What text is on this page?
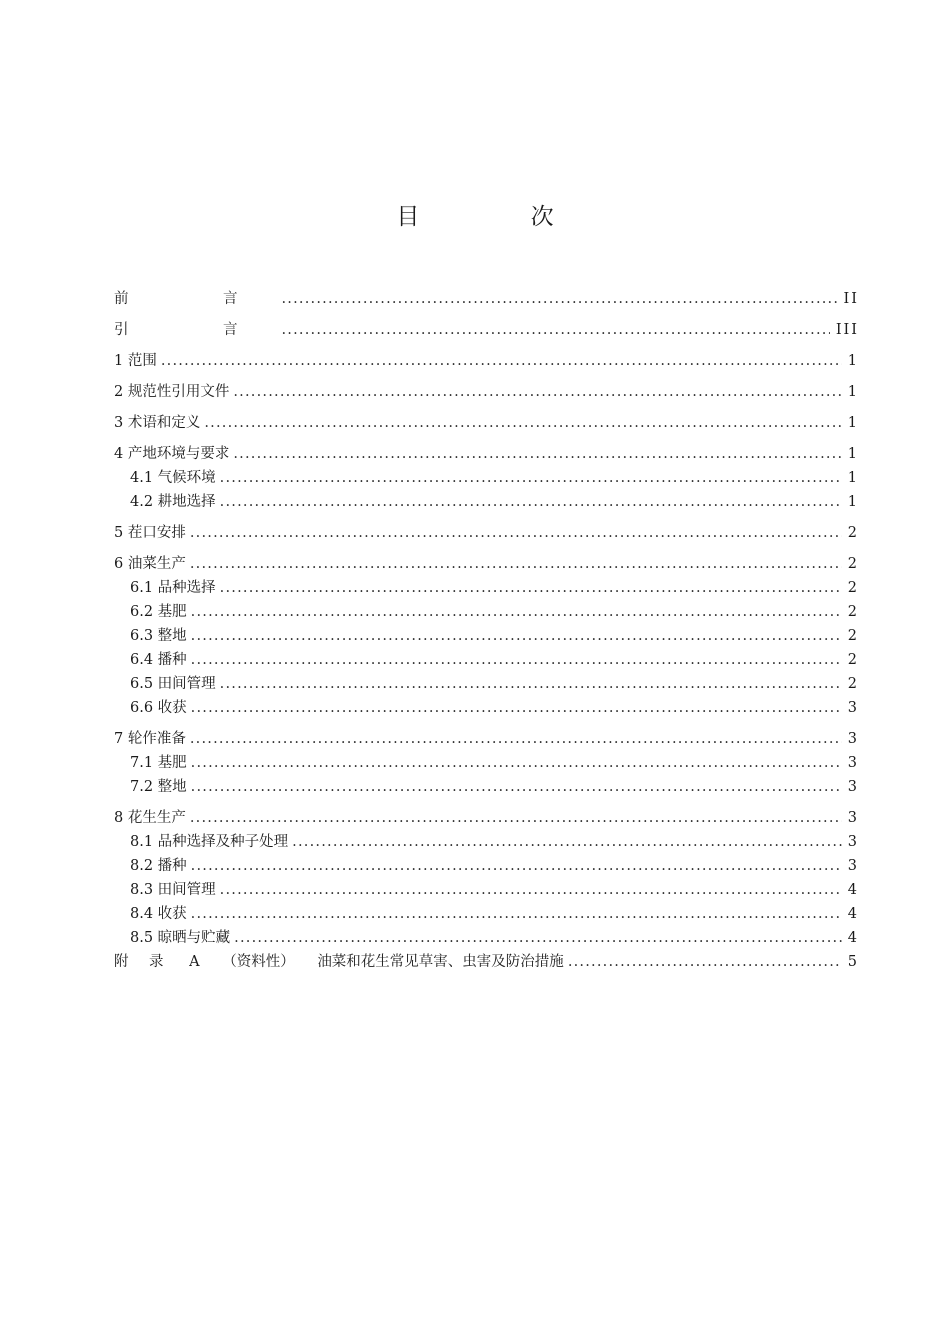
目 次
前　言 .....	II
引　言 .....	III
1 范围 .....	1
2 规范性引用文件 .....	1
3 术语和定义 .....	1
4 产地环境与要求 .....	1
4.1 气候环境 .....	1
4.2 耕地选择 .....	1
5 茬口安排 .....	2
6 油菜生产 .....	2
6.1 品种选择 .....	2
6.2 基肥 .....	2
6.3 整地 .....	2
6.4 播种 .....	2
6.5 田间管理 .....	2
6.6 收获 .....	3
7 轮作准备 .....	3
7.1 基肥 .....	3
7.2 整地 .....	3
8 花生生产 .....	3
8.1 品种选择及种子处理 .....	3
8.2 播种 .....	3
8.3 田间管理 .....	4
8.4 收获 .....	4
8.5 晾晒与贮藏 .....	4
附　录 A （资料性） 油菜和花生常见草害、虫害及防治措施 .....	5
